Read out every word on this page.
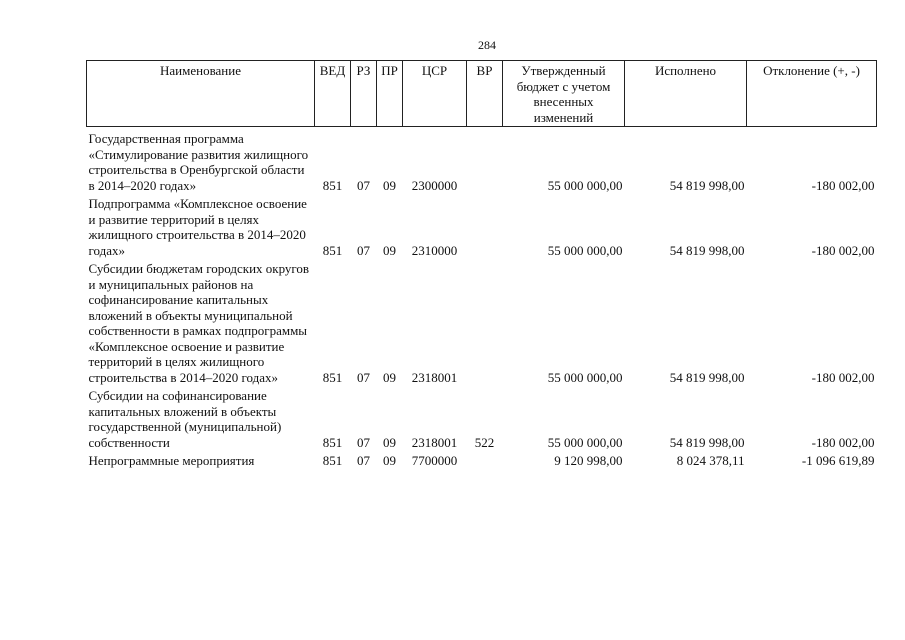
284
Наименование	ВЕД	РЗ	ПР	ЦСР	ВР	Утвержденный бюджет с учетом внесенных изменений	Исполнено	Отклонение (+, -)
Государственная программа «Стимулирование развития жилищного строительства в Оренбургской области в 2014–2020 годах»	851	07	09	2300000		55 000 000,00	54 819 998,00	-180 002,00
Подпрограмма «Комплексное освоение и развитие территорий в целях жилищного строительства в 2014–2020 годах»	851	07	09	2310000		55 000 000,00	54 819 998,00	-180 002,00
Субсидии бюджетам городских округов и муниципальных районов на софинансирование капитальных вложений в объекты муниципальной собственности в рамках подпрограммы «Комплексное освоение и развитие территорий в целях жилищного строительства в 2014–2020 годах»	851	07	09	2318001		55 000 000,00	54 819 998,00	-180 002,00
Субсидии на софинансирование капитальных вложений в объекты государственной (муниципальной) собственности	851	07	09	2318001	522	55 000 000,00	54 819 998,00	-180 002,00
Непрограммные мероприятия	851	07	09	7700000		9 120 998,00	8 024 378,11	-1 096 619,89
